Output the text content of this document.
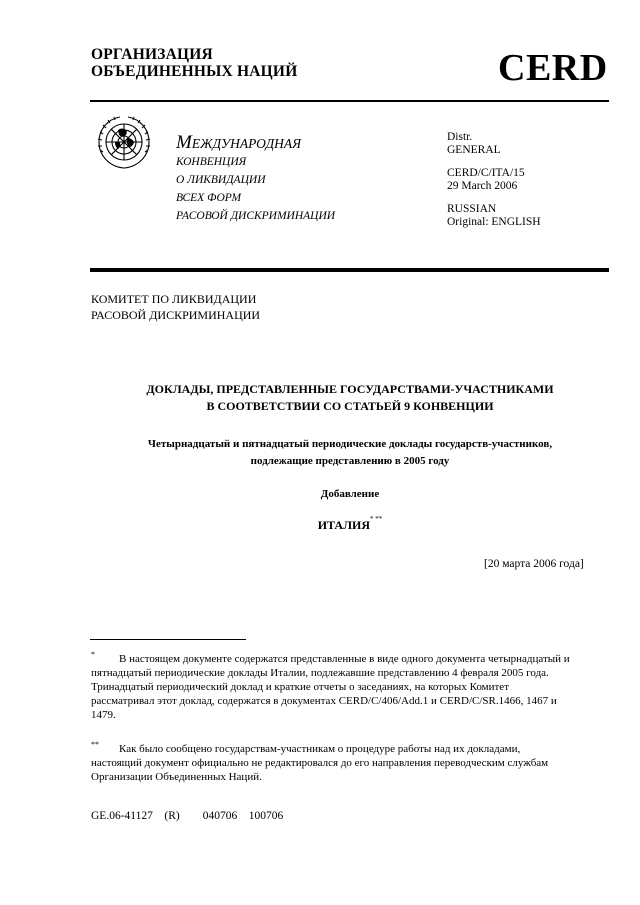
ОРГАНИЗАЦИЯ
ОБЪЕДИНЕННЫХ НАЦИЙ	CERD
МЕЖДУНАРОДНАЯ
КОНВЕНЦИЯ
О ЛИКВИДАЦИИ
ВСЕХ ФОРМ
РАСОВОЙ ДИСКРИМИНАЦИИ
Distr.
GENERAL
CERD/C/ITA/15
29 March 2006
RUSSIAN
Original: ENGLISH
КОМИТЕТ ПО ЛИКВИДАЦИИ
РАСОВОЙ ДИСКРИМИНАЦИИ
ДОКЛАДЫ, ПРЕДСТАВЛЕННЫЕ ГОСУДАРСТВАМИ-УЧАСТНИКАМИ
В СООТВЕТСТВИИ СО СТАТЬЕЙ 9 КОНВЕНЦИИ
Четырнадцатый и пятнадцатый периодические доклады государств-участников,
подлежащие представлению в 2005 году
Добавление
ИТАЛИЯ* **
[20 марта 2006 года]
*	В настоящем документе содержатся представленные в виде одного документа четырнадцатый и пятнадцатый периодические доклады Италии, подлежавшие представлению 4 февраля 2005 года. Тринадцатый периодический доклад и краткие отчеты о заседаниях, на которых Комитет рассматривал этот доклад, содержатся в документах CERD/C/406/Add.1 и CERD/C/SR.1466, 1467 и 1479.

**	Как было сообщено государствам-участникам о процедуре работы над их докладами, настоящий документ официально не редактировался до его направления переводческим службам Организации Объединенных Наций.

GE.06-41127 (R) 040706 100706
